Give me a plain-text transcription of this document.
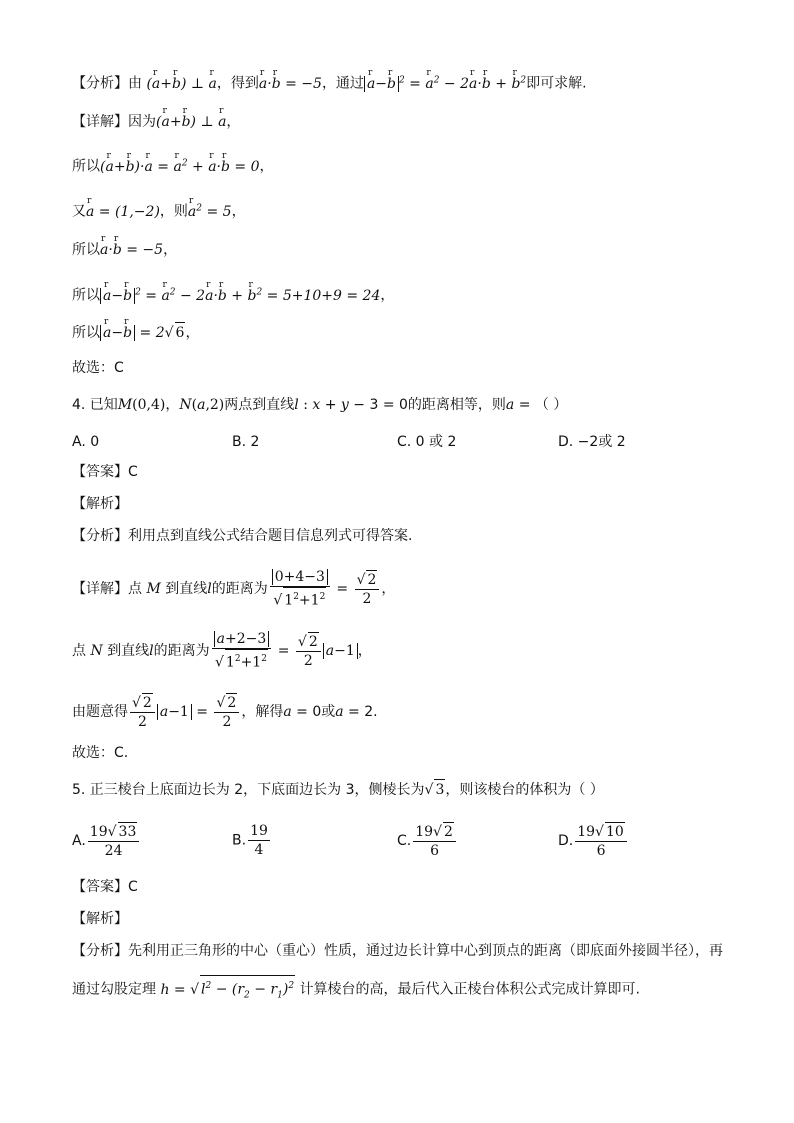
【分析】由 (r a+r b) ⊥ r a，得到r a·r b = −5，通过 r a−r b $^2$ = r $a^2 - 2r$ a·r b + r $b^2$即可求解.
【详解】因为(r a+r b) ⊥ r a，
所以(r a+r b)·r a = r $a^2 + r$ a·r b = 0，
又r a = (1,−2)，则r $a^2 = 5$，
所以r a·r b = −5，
所以 r a−r b $^2$ = r $a^2 - 2r$ a·r b + r $b^2 = 5+10+9 = 24$，
所以 r a−r b = 2√ 6，
故选：C
4. 已知M(0,4)，N(a,2)两点到直线l : x + y − 3 = 0的距离相等，则a = （ ）
A. 0	B. 2	C. 0 或 2	D. −2或 2
【答案】C
【解析】
【分析】利用点到直线公式结合题目信息列式可得答案.
【详解】点 M 到直线l的距离为 $\frac{0+4-3}{√ 1^2+1^2} = \frac{√ 2}{2}$ ，
点 N 到直线l的距离为 $\frac{a+2-3}{√ 1^2+1^2} = \frac{√ 2}{2} a-1$ ，
由题意得 $\frac{√ 2}{2} a-1 = \frac{√ 2}{2}$ ，解得a = 0或a = 2.
故选：C.
5. 正三棱台上底面边长为 2，下底面边长为 3，侧棱长为√ 3，则该棱台的体积为（ ）
A. $\frac{19√ 33}{24}$	B. $\frac{19}{4}$	C. $\frac{19√ 2}{6}$	D. $\frac{19√ 10}{6}$
【答案】C
【解析】
【分析】先利用正三角形的中心（重心）性质，通过边长计算中心到顶点的距离（即底面外接圆半径），再
通过勾股定理 h = √ $l^2 - (r_2 - r_1)^2$ 计算棱台的高，最后代入正棱台体积公式完成计算即可.
